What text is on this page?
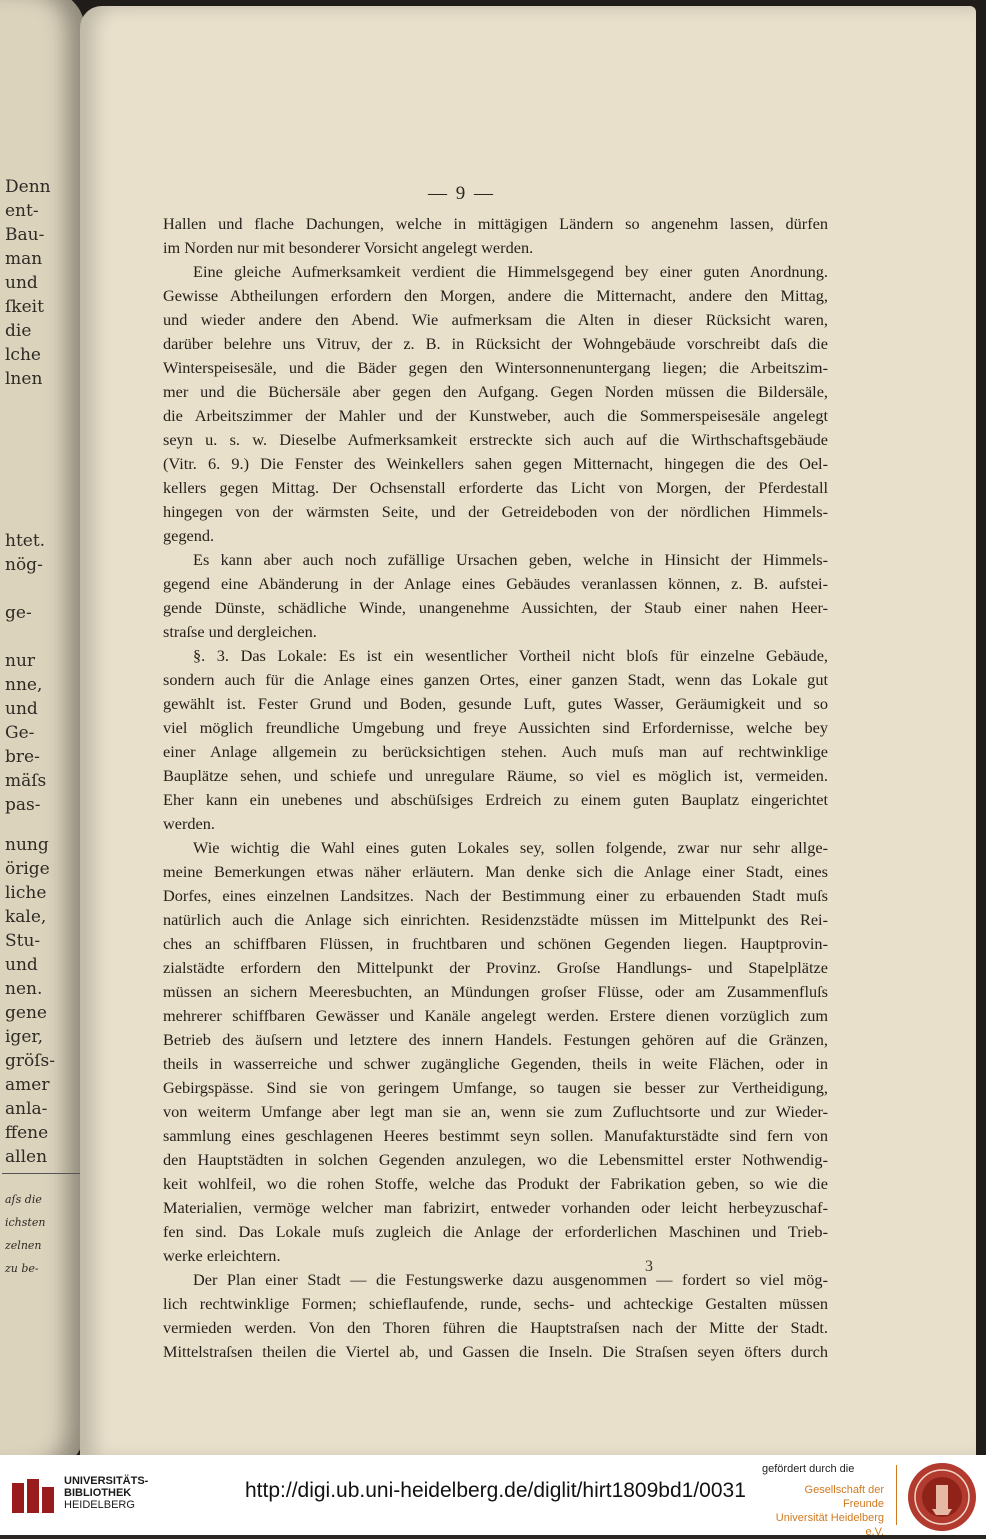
Denn
ent-
Bau-
man
und
ſkeit
die
lche
lnen
htet.
nög-
ge-
nur
nne,
und
Ge-
bre-
mäſs
pas-
nung
örige
liche
kale,
Stu-
und
nen.
gene
iger,
gröſs-
amer
anla-
ffene
allen
aſs die
ichsten
zelnen
zu be-
— 9 —
Hallen und flache Dachungen, welche in mittägigen Ländern so angenehm lassen, dürfen
im Norden nur mit besonderer Vorsicht angelegt werden.
Eine gleiche Aufmerksamkeit verdient die Himmelsgegend bey einer guten Anordnung.
Gewisse Abtheilungen erfordern den Morgen, andere die Mitternacht, andere den Mittag,
und wieder andere den Abend. Wie aufmerksam die Alten in dieser Rücksicht waren,
darüber belehre uns Vitruv, der z. B. in Rücksicht der Wohngebäude vorschreibt daſs die
Winterspeisesäle, und die Bäder gegen den Wintersonnenuntergang liegen; die Arbeitszim-
mer und die Büchersäle aber gegen den Aufgang. Gegen Norden müssen die Bildersäle,
die Arbeitszimmer der Mahler und der Kunstweber, auch die Sommerspeisesäle angelegt
seyn u. s. w. Dieselbe Aufmerksamkeit erstreckte sich auch auf die Wirthschaftsgebäude
(Vitr. 6. 9.) Die Fenster des Weinkellers sahen gegen Mitternacht, hingegen die des Oel-
kellers gegen Mittag. Der Ochsenstall erforderte das Licht von Morgen, der Pferdestall
hingegen von der wärmsten Seite, und der Getreideboden von der nördlichen Himmels-
gegend.
Es kann aber auch noch zufällige Ursachen geben, welche in Hinsicht der Himmels-
gegend eine Abänderung in der Anlage eines Gebäudes veranlassen können, z. B. aufstei-
gende Dünste, schädliche Winde, unangenehme Aussichten, der Staub einer nahen Heer-
straſse und dergleichen.
§. 3. Das Lokale: Es ist ein wesentlicher Vortheil nicht bloſs für einzelne Gebäude,
sondern auch für die Anlage eines ganzen Ortes, einer ganzen Stadt, wenn das Lokale gut
gewählt ist. Fester Grund und Boden, gesunde Luft, gutes Wasser, Geräumigkeit und so
viel möglich freundliche Umgebung und freye Aussichten sind Erfordernisse, welche bey
einer Anlage allgemein zu berücksichtigen stehen. Auch muſs man auf rechtwinklige
Bauplätze sehen, und schiefe und unregulare Räume, so viel es möglich ist, vermeiden.
Eher kann ein unebenes und abschüſsiges Erdreich zu einem guten Bauplatz eingerichtet
werden.
Wie wichtig die Wahl eines guten Lokales sey, sollen folgende, zwar nur sehr allge-
meine Bemerkungen etwas näher erläutern. Man denke sich die Anlage einer Stadt, eines
Dorfes, eines einzelnen Landsitzes. Nach der Bestimmung einer zu erbauenden Stadt muſs
natürlich auch die Anlage sich einrichten. Residenzstädte müssen im Mittelpunkt des Rei-
ches an schiffbaren Flüssen, in fruchtbaren und schönen Gegenden liegen. Hauptprovin-
zialstädte erfordern den Mittelpunkt der Provinz. Groſse Handlungs- und Stapelplätze
müssen an sichern Meeresbuchten, an Mündungen groſser Flüsse, oder am Zusammenfluſs
mehrerer schiffbaren Gewässer und Kanäle angelegt werden. Erstere dienen vorzüglich zum
Betrieb des äuſsern und letztere des innern Handels. Festungen gehören auf die Gränzen,
theils in wasserreiche und schwer zugängliche Gegenden, theils in weite Flächen, oder in
Gebirgspässe. Sind sie von geringem Umfange, so taugen sie besser zur Vertheidigung,
von weiterm Umfange aber legt man sie an, wenn sie zum Zufluchtsorte und zur Wieder-
sammlung eines geschlagenen Heeres bestimmt seyn sollen. Manufakturstädte sind fern von
den Hauptstädten in solchen Gegenden anzulegen, wo die Lebensmittel erster Nothwendig-
keit wohlfeil, wo die rohen Stoffe, welche das Produkt der Fabrikation geben, so wie die
Materialien, vermöge welcher man fabrizirt, entweder vorhanden oder leicht herbeyzuschaf-
fen sind. Das Lokale muſs zugleich die Anlage der erforderlichen Maschinen und Trieb-
werke erleichtern.
Der Plan einer Stadt — die Festungswerke dazu ausgenommen — fordert so viel mög-
lich rechtwinklige Formen; schieflaufende, runde, sechs- und achteckige Gestalten müssen
vermieden werden. Von den Thoren führen die Hauptstraſsen nach der Mitte der Stadt.
Mittelstraſsen theilen die Viertel ab, und Gassen die Inseln. Die Straſsen seyen öfters durch
3
UNIVERSITÄTS-
BIBLIOTHEK
HEIDELBERG
http://digi.ub.uni-heidelberg.de/diglit/hirt1809bd1/0031
gefördert durch die
Gesellschaft der Freunde
Universität Heidelberg e.V.
